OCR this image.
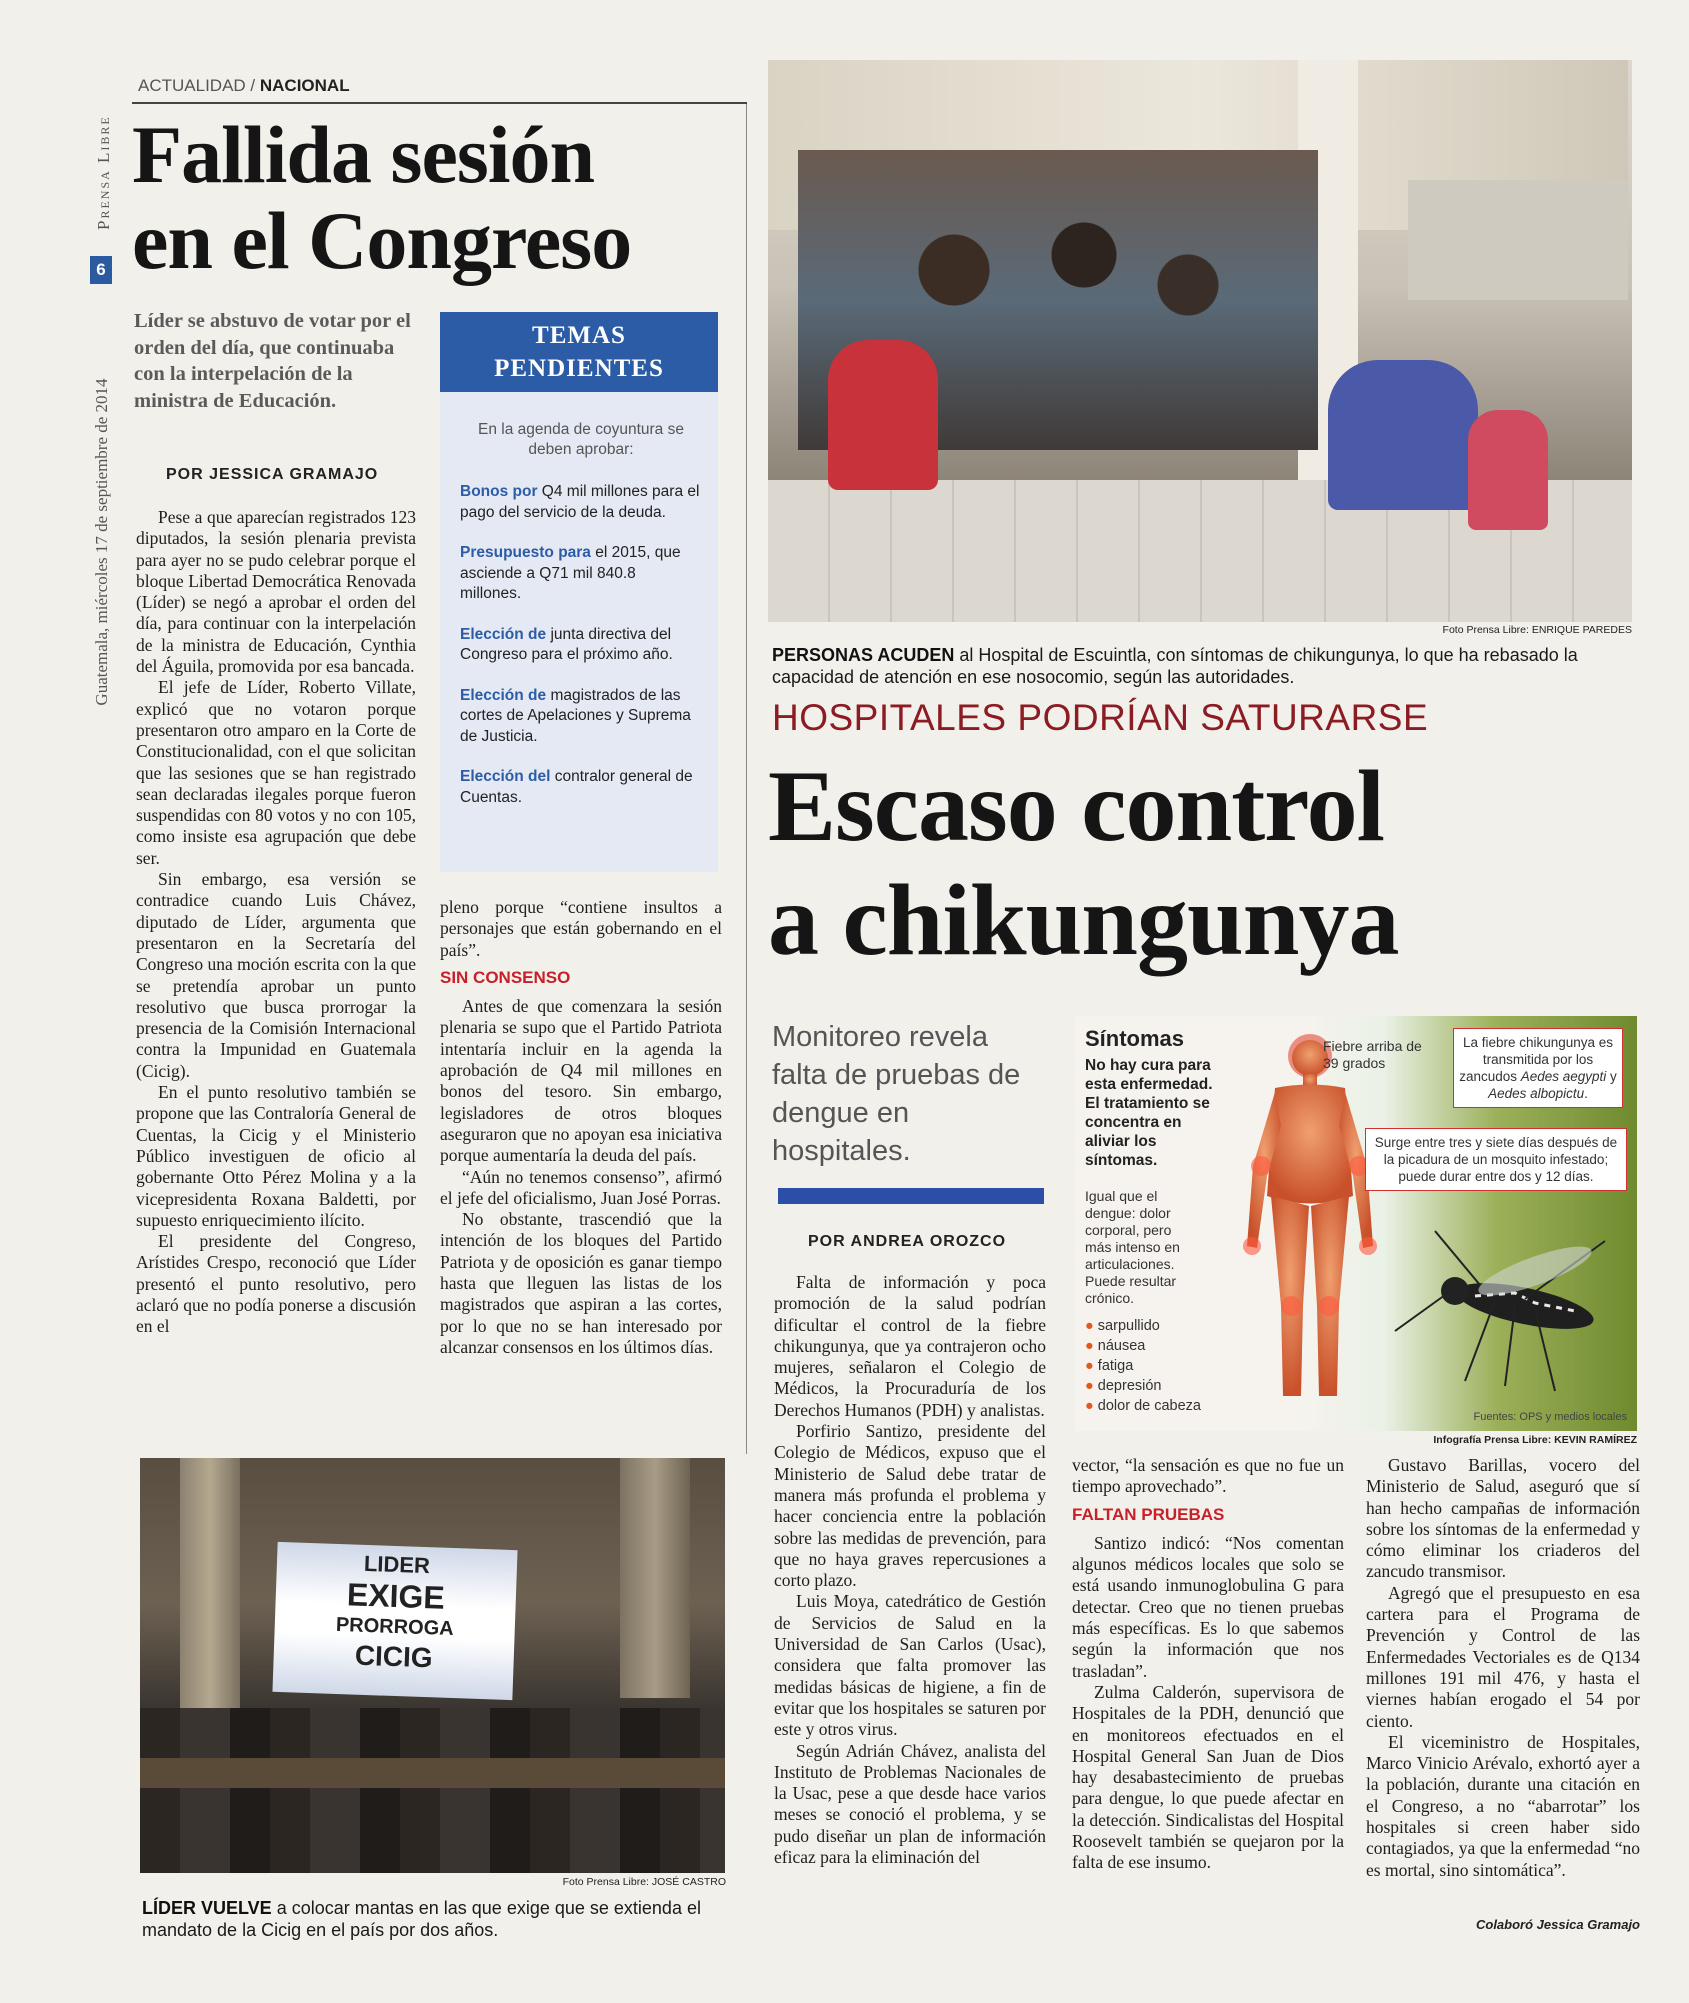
Prensa Libre
6
Guatemala, miércoles 17 de septiembre de 2014
ACTUALIDAD / NACIONAL
Fallida sesión
en el Congreso
Líder se abstuvo de votar por el orden del día, que continuaba con la interpelación de la ministra de Educación.
POR JESSICA GRAMAJO

Pese a que aparecían registrados 123 diputados, la sesión plenaria prevista para ayer no se pudo celebrar porque el bloque Libertad Democrática Renovada (Líder) se negó a aprobar el orden del día, para continuar con la interpelación de la ministra de Educación, Cynthia del Águila, promovida por esa bancada.

El jefe de Líder, Roberto Villate, explicó que no votaron porque presentaron otro amparo en la Corte de Constitucionalidad, con el que solicitan que las sesiones que se han registrado sean declaradas ilegales porque fueron suspendidas con 80 votos y no con 105, como insiste esa agrupación que debe ser.

Sin embargo, esa versión se contradice cuando Luis Chávez, diputado de Líder, argumenta que presentaron en la Secretaría del Congreso una moción escrita con la que se pretendía aprobar un punto resolutivo que busca prorrogar la presencia de la Comisión Internacional contra la Impunidad en Guatemala (Cicig).

En el punto resolutivo también se propone que las Contraloría General de Cuentas, la Cicig y el Ministerio Público investiguen de oficio al gobernante Otto Pérez Molina y a la vicepresidenta Roxana Baldetti, por supuesto enriquecimiento ilícito.

El presidente del Congreso, Arístides Crespo, reconoció que Líder presentó el punto resolutivo, pero aclaró que no podía ponerse a discusión en el

TEMAS
PENDIENTES
En la agenda de coyuntura se deben aprobar:
Bonos por Q4 mil millones para el pago del servicio de la deuda.
Presupuesto para el 2015, que asciende a Q71 mil 840.8 millones.
Elección de junta directiva del Congreso para el próximo año.
Elección de magistrados de las cortes de Apelaciones y Suprema de Justicia.
Elección del contralor general de Cuentas.

pleno porque “contiene insultos a personajes que están gobernando en el país”.

SIN CONSENSO

Antes de que comenzara la sesión plenaria se supo que el Partido Patriota intentaría incluir en la agenda la aprobación de Q4 mil millones en bonos del tesoro. Sin embargo, legisladores de otros bloques aseguraron que no apoyan esa iniciativa porque aumentaría la deuda del país.

“Aún no tenemos consenso”, afirmó el jefe del oficialismo, Juan José Porras.

No obstante, trascendió que la intención de los bloques del Partido Patriota y de oposición es ganar tiempo hasta que lleguen las listas de los magistrados que aspiran a las cortes, por lo que no se han interesado por alcanzar consensos en los últimos días.

LIDER
EXIGE
PRORROGA
CICIG
Foto Prensa Libre: JOSÉ CASTRO
LÍDER VUELVE a colocar mantas en las que exige que se extienda el mandato de la Cicig en el país por dos años.
Foto Prensa Libre: ENRIQUE PAREDES
PERSONAS ACUDEN al Hospital de Escuintla, con síntomas de chikungunya, lo que ha rebasado la capacidad de atención en ese nosocomio, según las autoridades.
HOSPITALES PODRÍAN SATURARSE
Escaso control
a chikungunya
Monitoreo revela falta de pruebas de dengue en hospitales.
POR ANDREA OROZCO

Falta de información y poca promoción de la salud podrían dificultar el control de la fiebre chikungunya, que ya contrajeron ocho mujeres, señalaron el Colegio de Médicos, la Procuraduría de los Derechos Humanos (PDH) y analistas.

Porfirio Santizo, presidente del Colegio de Médicos, expuso que el Ministerio de Salud debe tratar de manera más profunda el problema y hacer conciencia entre la población sobre las medidas de prevención, para que no haya graves repercusiones a corto plazo.

Luis Moya, catedrático de Gestión de Servicios de Salud en la Universidad de San Carlos (Usac), considera que falta promover las medidas básicas de higiene, a fin de evitar que los hospitales se saturen por este y otros virus.

Según Adrián Chávez, analista del Instituto de Problemas Nacionales de la Usac, pese a que desde hace varios meses se conoció el problema, y se pudo diseñar un plan de información eficaz para la eliminación del

Síntomas
No hay cura para esta enfermedad. El tratamiento se concentra en aliviar los síntomas.
Fiebre arriba de 39 grados
La fiebre chikungunya es transmitida por los zancudos Aedes aegypti y Aedes albopictu.
Surge entre tres y siete días después de la picadura de un mosquito infestado; puede durar entre dos y 12 días.
Igual que el dengue: dolor corporal, pero más intenso en articulaciones. Puede resultar crónico.
● sarpullido
● náusea
● fatiga
● depresión
● dolor de cabeza
Fuentes: OPS y medios locales
Infografía Prensa Libre: KEVIN RAMÍREZ

vector, “la sensación es que no fue un tiempo aprovechado”.

FALTAN PRUEBAS

Santizo indicó: “Nos comentan algunos médicos locales que solo se está usando inmunoglobulina G para detectar. Creo que no tienen pruebas más específicas. Es lo que sabemos según la información que nos trasladan”.

Zulma Calderón, supervisora de Hospitales de la PDH, denunció que en monitoreos efectuados en el Hospital General San Juan de Dios hay desabastecimiento de pruebas para dengue, lo que puede afectar en la detección. Sindicalistas del Hospital Roosevelt también se quejaron por la falta de ese insumo.

Gustavo Barillas, vocero del Ministerio de Salud, aseguró que sí han hecho campañas de información sobre los síntomas de la enfermedad y cómo eliminar los criaderos del zancudo transmisor.

Agregó que el presupuesto en esa cartera para el Programa de Prevención y Control de las Enfermedades Vectoriales es de Q134 millones 191 mil 476, y hasta el viernes habían erogado el 54 por ciento.

El viceministro de Hospitales, Marco Vinicio Arévalo, exhortó ayer a la población, durante una citación en el Congreso, a no “abarrotar” los hospitales si creen haber sido contagiados, ya que la enfermedad “no es mortal, sino sintomática”.

Colaboró Jessica Gramajo
